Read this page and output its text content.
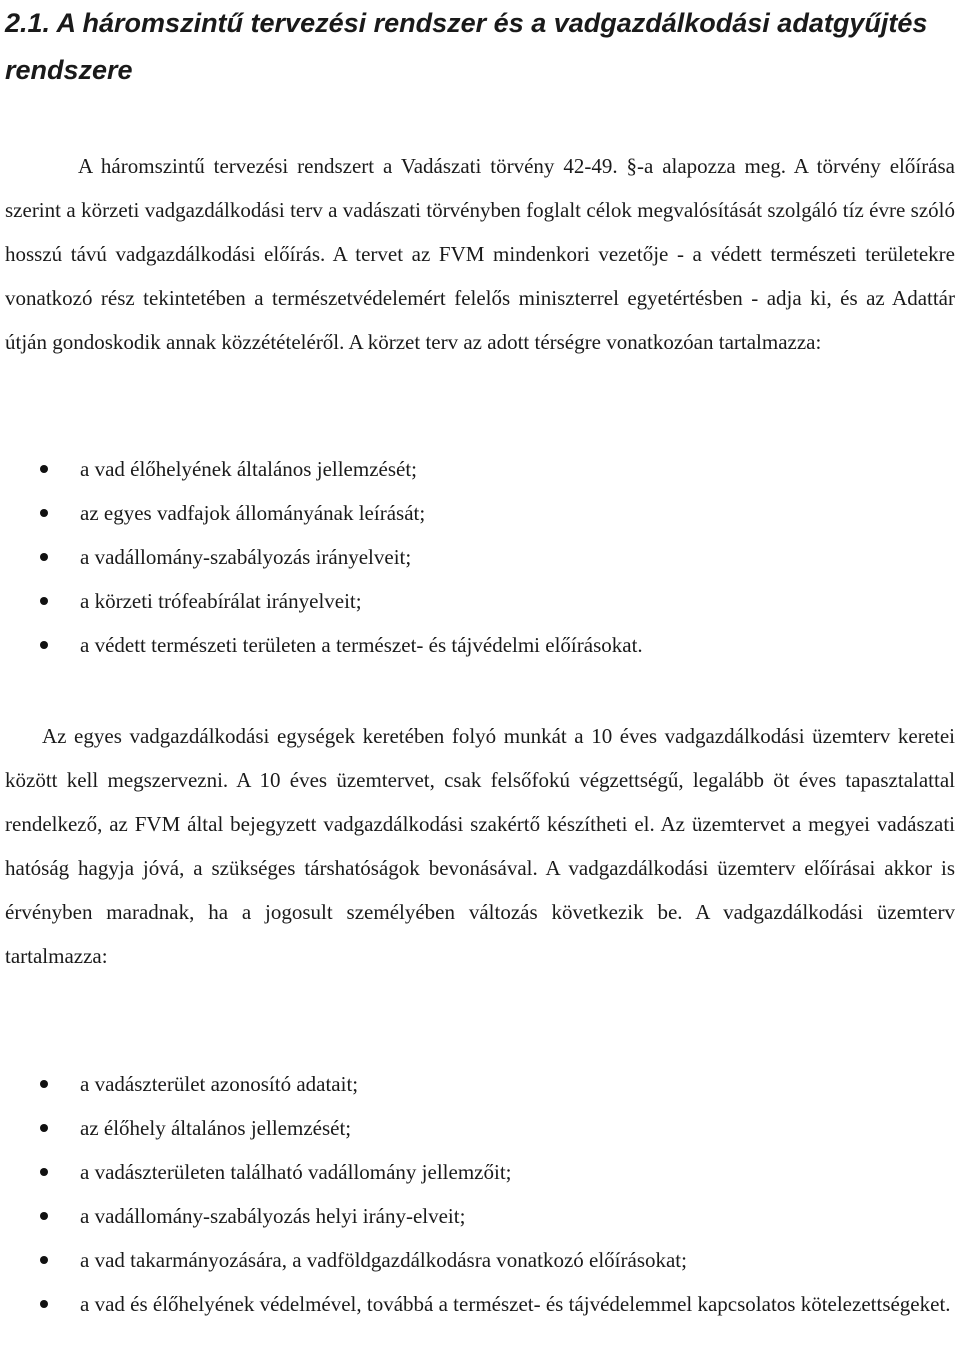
2.1. A háromszintű tervezési rendszer és a vadgazdálkodási adatgyűjtés rendszere

A háromszintű tervezési rendszert a Vadászati törvény 42-49. §-a alapozza meg. A törvény előírása szerint a körzeti vadgazdálkodási terv a vadászati törvényben foglalt célok megvalósítását szolgáló tíz évre szóló hosszú távú vadgazdálkodási előírás. A tervet az FVM mindenkori vezetője - a védett természeti területekre vonatkozó rész tekintetében a természetvédelemért felelős miniszterrel egyetértésben - adja ki, és az Adattár útján gondoskodik annak közzétételéről. A körzet terv az adott térségre vonatkozóan tartalmazza:

a vad élőhelyének általános jellemzését;
az egyes vadfajok állományának leírását;
a vadállomány-szabályozás irányelveit;
a körzeti trófeabírálat irányelveit;
a védett természeti területen a természet- és tájvédelmi előírásokat.

Az egyes vadgazdálkodási egységek keretében folyó munkát a 10 éves vadgazdálkodási üzemterv keretei között kell megszervezni. A 10 éves üzemtervet, csak felsőfokú végzettségű, legalább öt éves tapasztalattal rendelkező, az FVM által bejegyzett vadgazdálkodási szakértő készítheti el. Az üzemtervet a megyei vadászati hatóság hagyja jóvá, a szükséges társhatóságok bevonásával. A vadgazdálkodási üzemterv előírásai akkor is érvényben maradnak, ha a jogosult személyében változás következik be. A vadgazdálkodási üzemterv tartalmazza:

a vadászterület azonosító adatait;
az élőhely általános jellemzését;
a vadászterületen található vadállomány jellemzőit;
a vadállomány-szabályozás helyi irány-elveit;
a vad takarmányozására, a vadföldgazdálkodásra vonatkozó előírásokat;
a vad és élőhelyének védelmével, továbbá a természet- és tájvédelemmel kapcsolatos kötelezettségeket.
